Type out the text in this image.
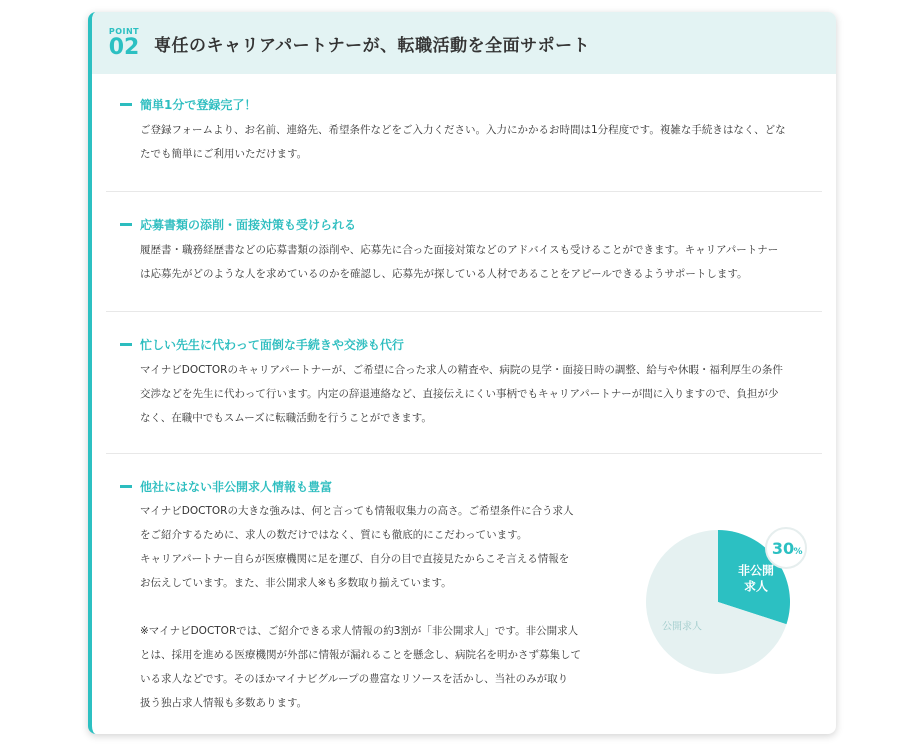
POINT
02 専任のキャリアパートナーが、転職活動を全面サポート
簡単1分で登録完了！

ご登録フォームより、お名前、連絡先、希望条件などをご入力ください。入力にかかるお時間は1分程度です。複雑な手続きはなく、どな

たでも簡単にご利用いただけます。

応募書類の添削・面接対策も受けられる

履歴書・職務経歴書などの応募書類の添削や、応募先に合った面接対策などのアドバイスも受けることができます。キャリアパートナー

は応募先がどのような人を求めているのかを確認し、応募先が探している人材であることをアピールできるようサポートします。

忙しい先生に代わって面倒な手続きや交渉も代行

マイナビDOCTORのキャリアパートナーが、ご希望に合った求人の精査や、病院の見学・面接日時の調整、給与や休暇・福利厚生の条件

交渉などを先生に代わって行います。内定の辞退連絡など、直接伝えにくい事柄でもキャリアパートナーが間に入りますので、負担が少

なく、在職中でもスムーズに転職活動を行うことができます。

他社にはない非公開求人情報も豊富

マイナビDOCTORの大きな強みは、何と言っても情報収集力の高さ。ご希望条件に合う求人

をご紹介するために、求人の数だけではなく、質にも徹底的にこだわっています。

キャリアパートナー自らが医療機関に足を運び、自分の目で直接見たからこそ言える情報を

お伝えしています。また、非公開求人※も多数取り揃えています。

※マイナビDOCTORでは、ご紹介できる求人情報の約3割が「非公開求人」です。非公開求人

とは、採用を進める医療機関が外部に情報が漏れることを懸念し、病院名を明かさず募集して

いる求人などです。そのほかマイナビグループの豊富なリソースを活かし、当社のみが取り

扱う独占求人情報も多数あります。

非公開
求人
公開求人
30 %
